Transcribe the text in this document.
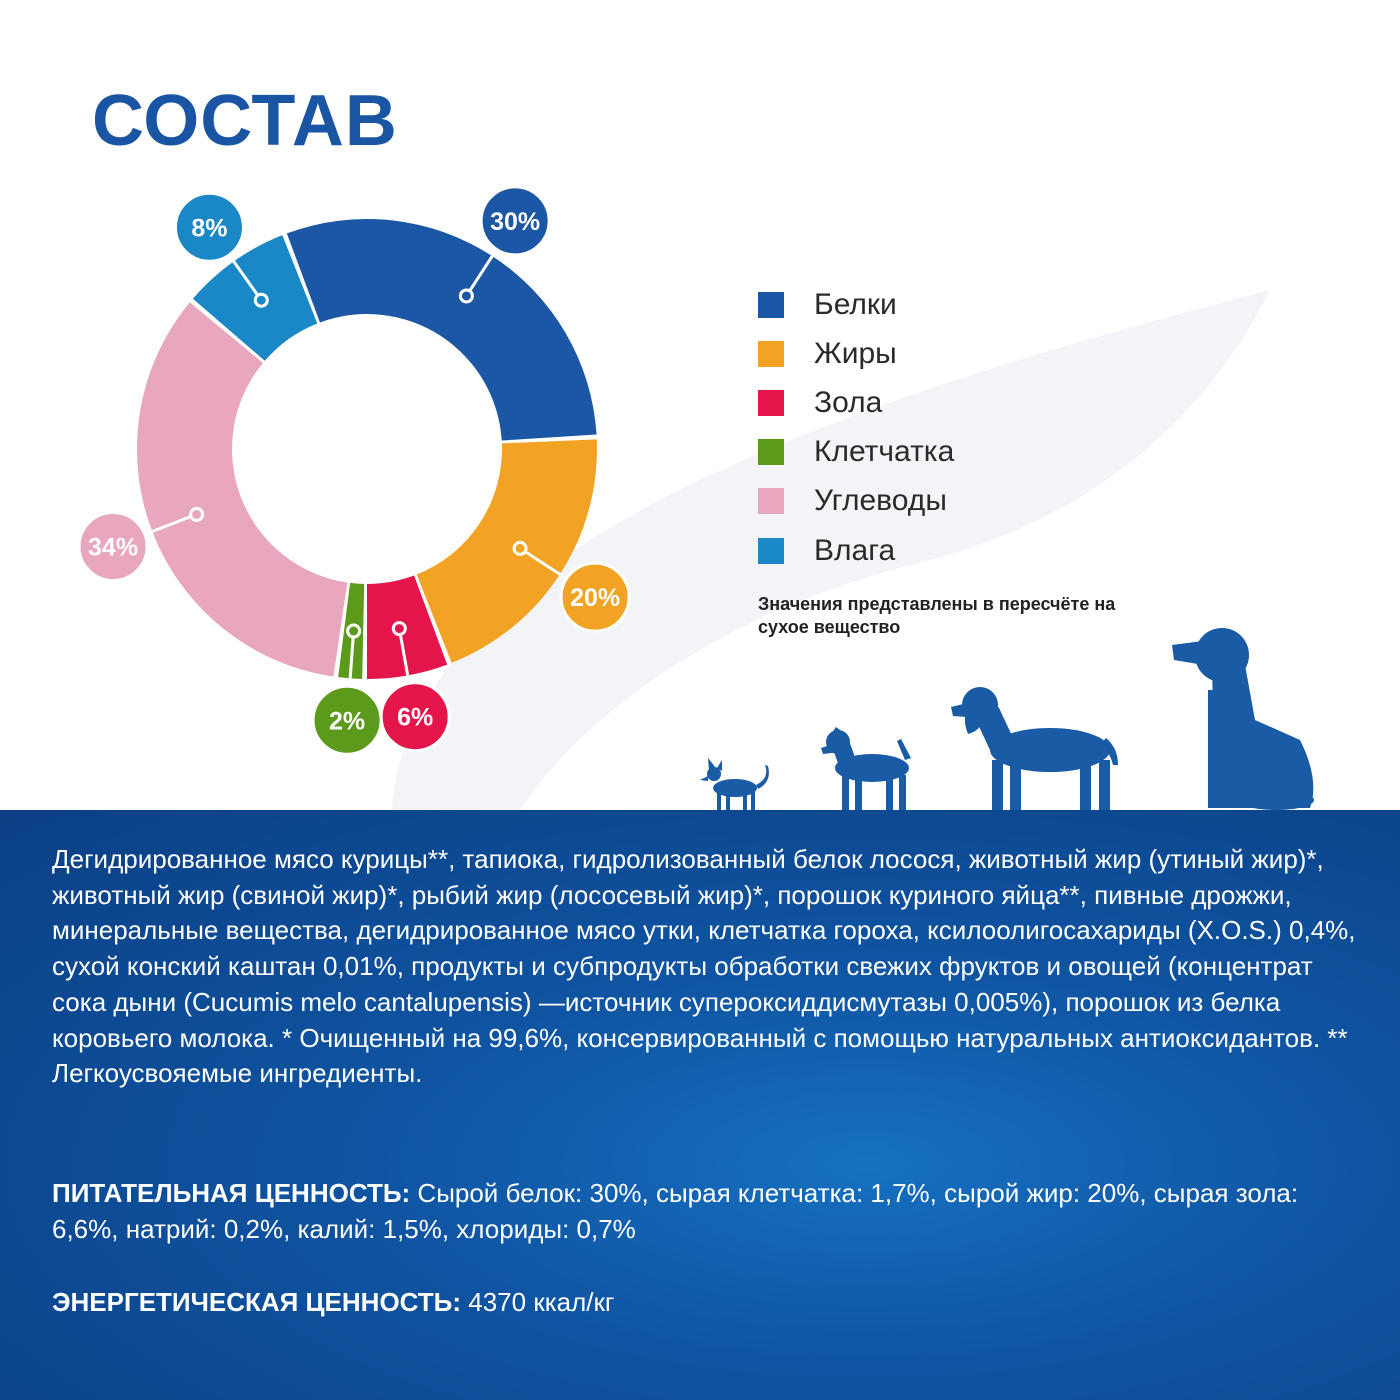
СОСТАВ
30%
20%
6%
2%
34%
8%
Белки
Жиры
Зола
Клетчатка
Углеводы
Влага
Значения представлены в пересчёте на сухое вещество
Дегидрированное мясо курицы**, тапиока, гидролизованный белок лосося, животный жир (утиный жир)*, животный жир (свиной жир)*, рыбий жир (лососевый жир)*, порошок куриного яйца**, пивные дрожжи, минеральные вещества, дегидрированное мясо утки, клетчатка гороха, ксилоолигосахариды (X.O.S.) 0,4%, сухой конский каштан 0,01%, продукты и субпродукты обработки свежих фруктов и овощей (концентрат сока дыни (Cucumis melo cantalupensis) —источник супероксиддисмутазы 0,005%), порошок из белка коровьего молока. * Очищенный на 99,6%, консервированный с помощью натуральных антиоксидантов. ** Легкоусвояемые ингредиенты.
ПИТАТЕЛЬНАЯ ЦЕННОСТЬ: Сырой белок: 30%, сырая клетчатка: 1,7%, сырой жир: 20%, сырая зола: 6,6%, натрий: 0,2%, калий: 1,5%, хлориды: 0,7%
ЭНЕРГЕТИЧЕСКАЯ ЦЕННОСТЬ: 4370 ккал/кг
